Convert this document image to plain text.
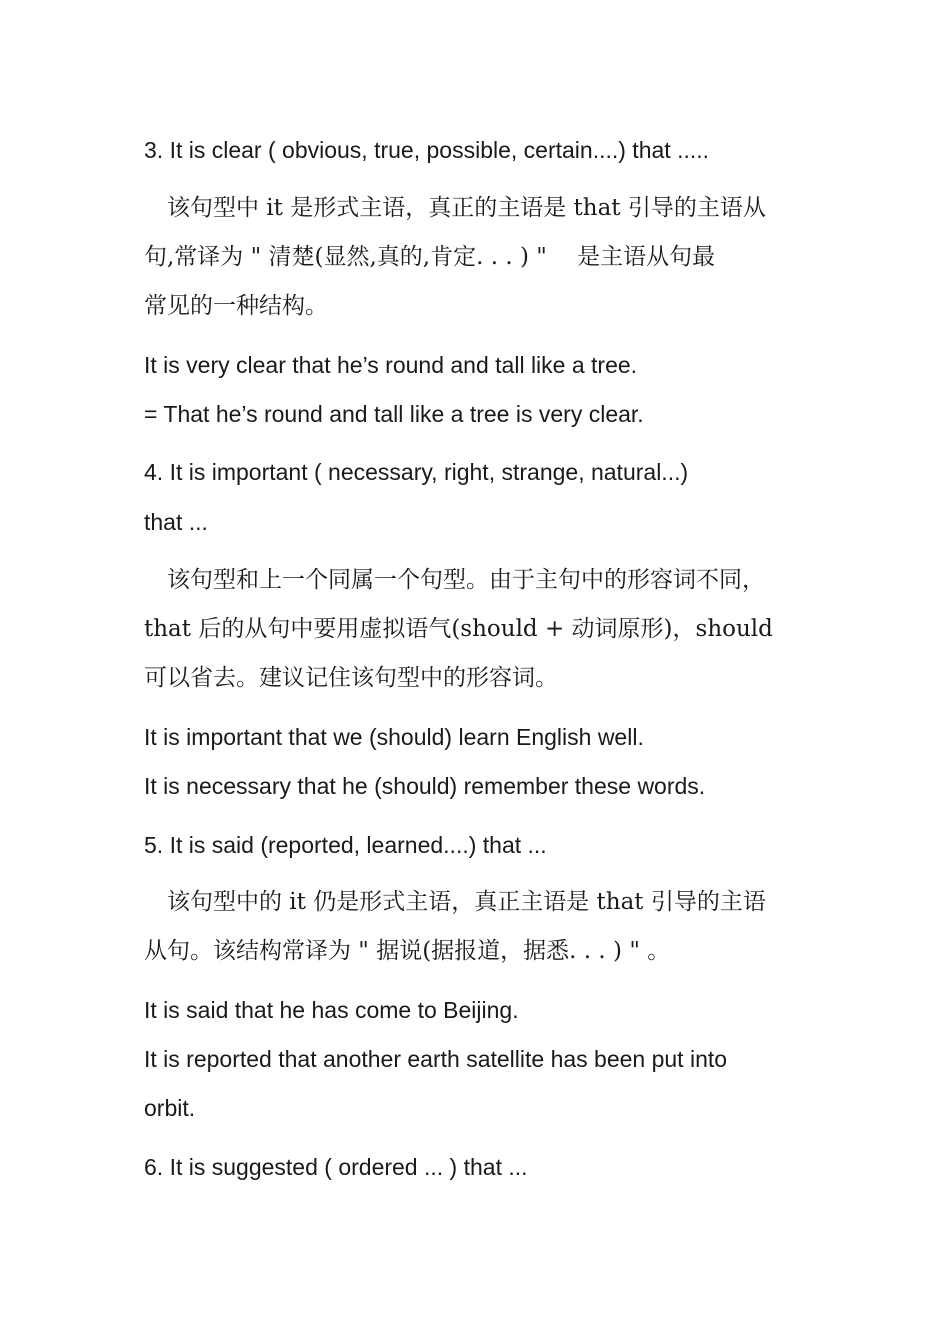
3. It is clear ( obvious, true, possible, certain....) that .....
　该句型中 it 是形式主语，真正的主语是 that 引导的主语从
句,常译为 " 清楚(显然,真的,肯定. . . ) "　 是主语从句最
常见的一种结构。
It is very clear that he’s round and tall like a tree.
= That he’s round and tall like a tree is very clear.
4. It is important ( necessary, right, strange, natural...)
that ...
　该句型和上一个同属一个句型。由于主句中的形容词不同，
that 后的从句中要用虚拟语气(should + 动词原形)，should
可以省去。建议记住该句型中的形容词。
It is important that we (should) learn English well.
It is necessary that he (should) remember these words.
5. It is said (reported, learned....) that ...
　该句型中的 it 仍是形式主语，真正主语是 that 引导的主语
从句。该结构常译为 " 据说(据报道，据悉. . . ) " 。
It is said that he has come to Beijing.
It is reported that another earth satellite has been put into
orbit.
6. It is suggested ( ordered ... ) that ...
